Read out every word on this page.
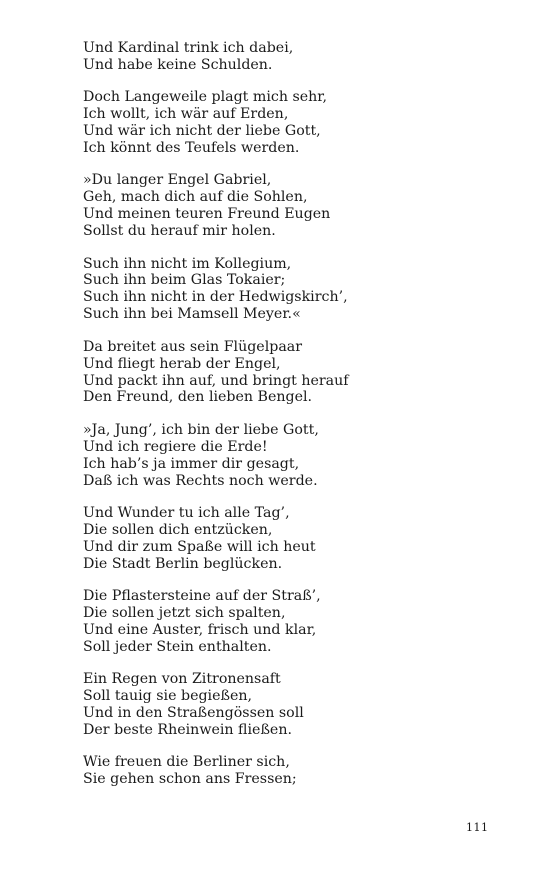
Und Kardinal trink ich dabei,
Und habe keine Schulden.
Doch Langeweile plagt mich sehr,
Ich wollt, ich wär auf Erden,
Und wär ich nicht der liebe Gott,
Ich könnt des Teufels werden.
»Du langer Engel Gabriel,
Geh, mach dich auf die Sohlen,
Und meinen teuren Freund Eugen
Sollst du herauf mir holen.
Such ihn nicht im Kollegium,
Such ihn beim Glas Tokaier;
Such ihn nicht in der Hedwigskirch’,
Such ihn bei Mamsell Meyer.«
Da breitet aus sein Flügelpaar
Und fliegt herab der Engel,
Und packt ihn auf, und bringt herauf
Den Freund, den lieben Bengel.
»Ja, Jung’, ich bin der liebe Gott,
Und ich regiere die Erde!
Ich hab’s ja immer dir gesagt,
Daß ich was Rechts noch werde.
Und Wunder tu ich alle Tag’,
Die sollen dich entzücken,
Und dir zum Spaße will ich heut
Die Stadt Berlin beglücken.
Die Pflastersteine auf der Straß’,
Die sollen jetzt sich spalten,
Und eine Auster, frisch und klar,
Soll jeder Stein enthalten.
Ein Regen von Zitronensaft
Soll tauig sie begießen,
Und in den Straßengössen soll
Der beste Rheinwein fließen.
Wie freuen die Berliner sich,
Sie gehen schon ans Fressen;
111
